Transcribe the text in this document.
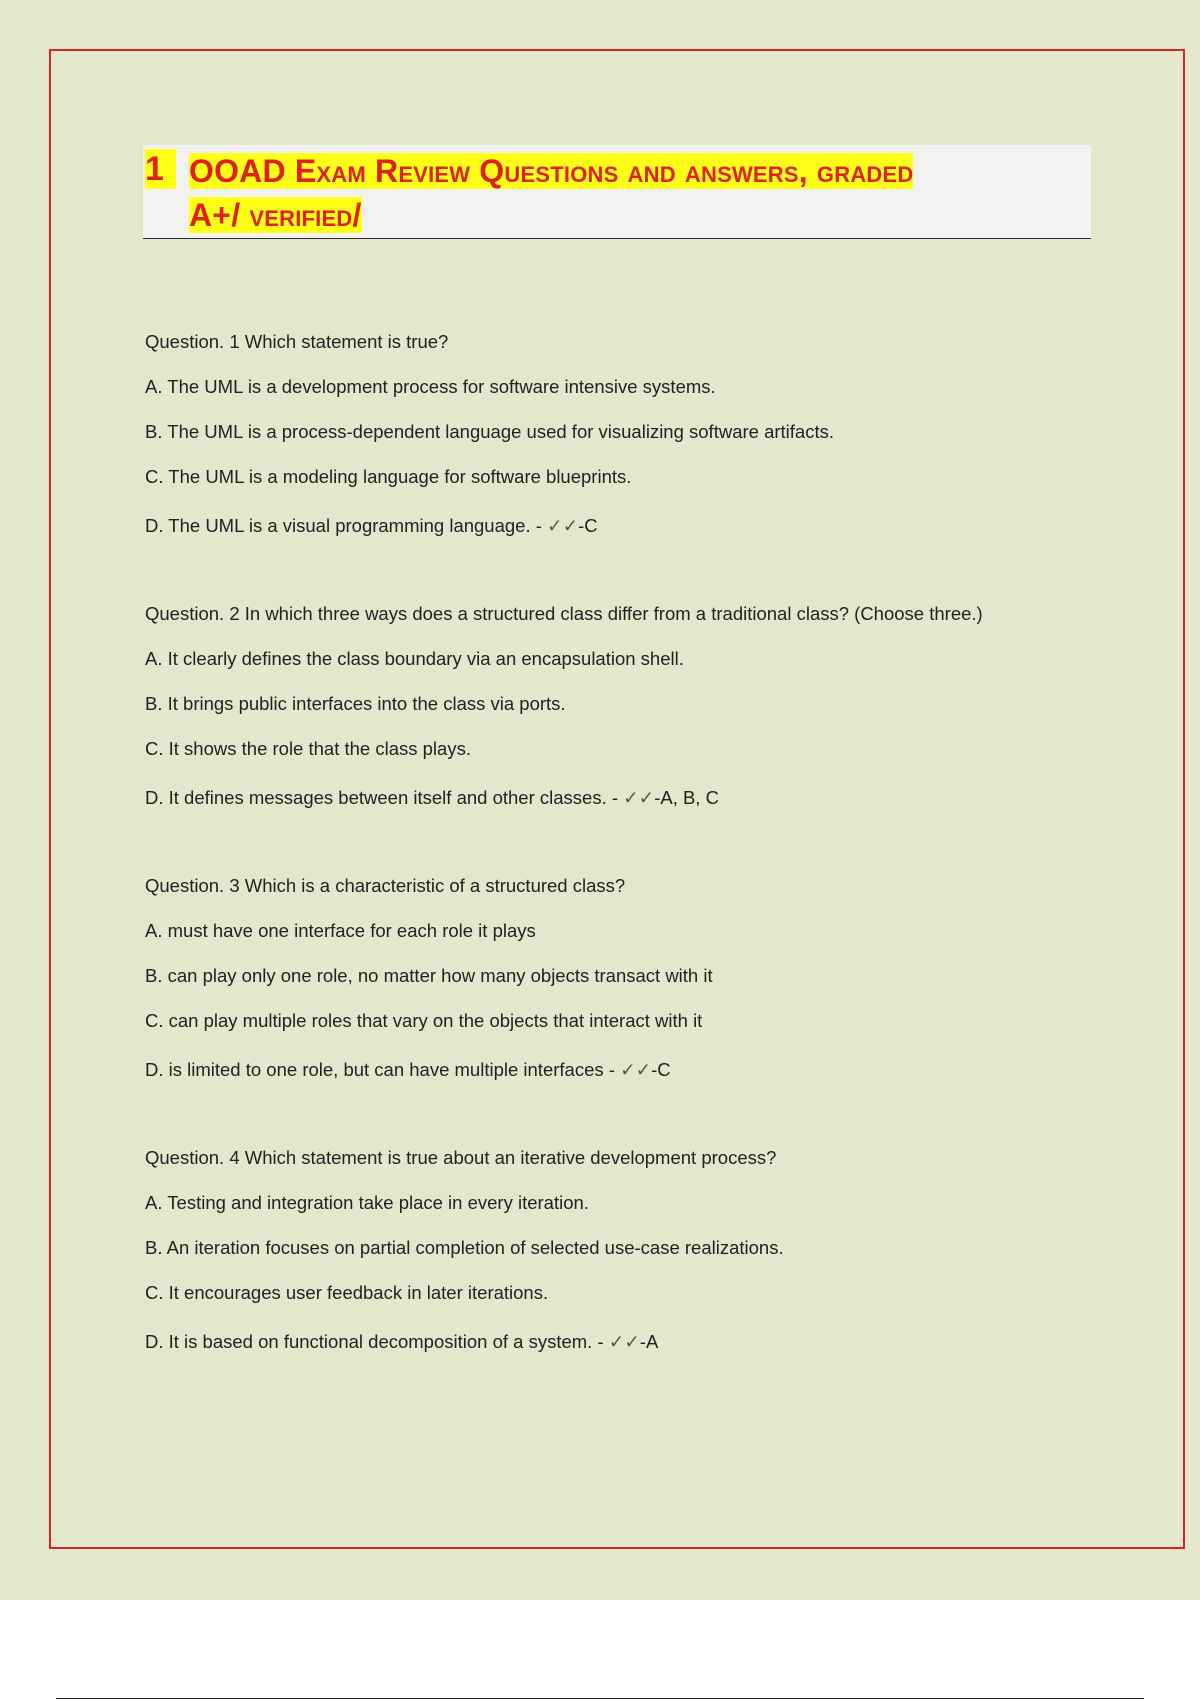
1 OOAD Exam Review Questions and answers, graded
A+/ verified/
Question. 1 Which statement is true?
A. The UML is a development process for software intensive systems.
B. The UML is a process-dependent language used for visualizing software artifacts.
C. The UML is a modeling language for software blueprints.
D. The UML is a visual programming language. - ✓ ✓ -C
Question. 2 In which three ways does a structured class differ from a traditional class? (Choose three.)
A. It clearly defines the class boundary via an encapsulation shell.
B. It brings public interfaces into the class via ports.
C. It shows the role that the class plays.
D. It defines messages between itself and other classes. - ✓ ✓ -A, B, C
Question. 3 Which is a characteristic of a structured class?
A. must have one interface for each role it plays
B. can play only one role, no matter how many objects transact with it
C. can play multiple roles that vary on the objects that interact with it
D. is limited to one role, but can have multiple interfaces - ✓ ✓ -C
Question. 4 Which statement is true about an iterative development process?
A. Testing and integration take place in every iteration.
B. An iteration focuses on partial completion of selected use-case realizations.
C. It encourages user feedback in later iterations.
D. It is based on functional decomposition of a system. - ✓ ✓ -A
